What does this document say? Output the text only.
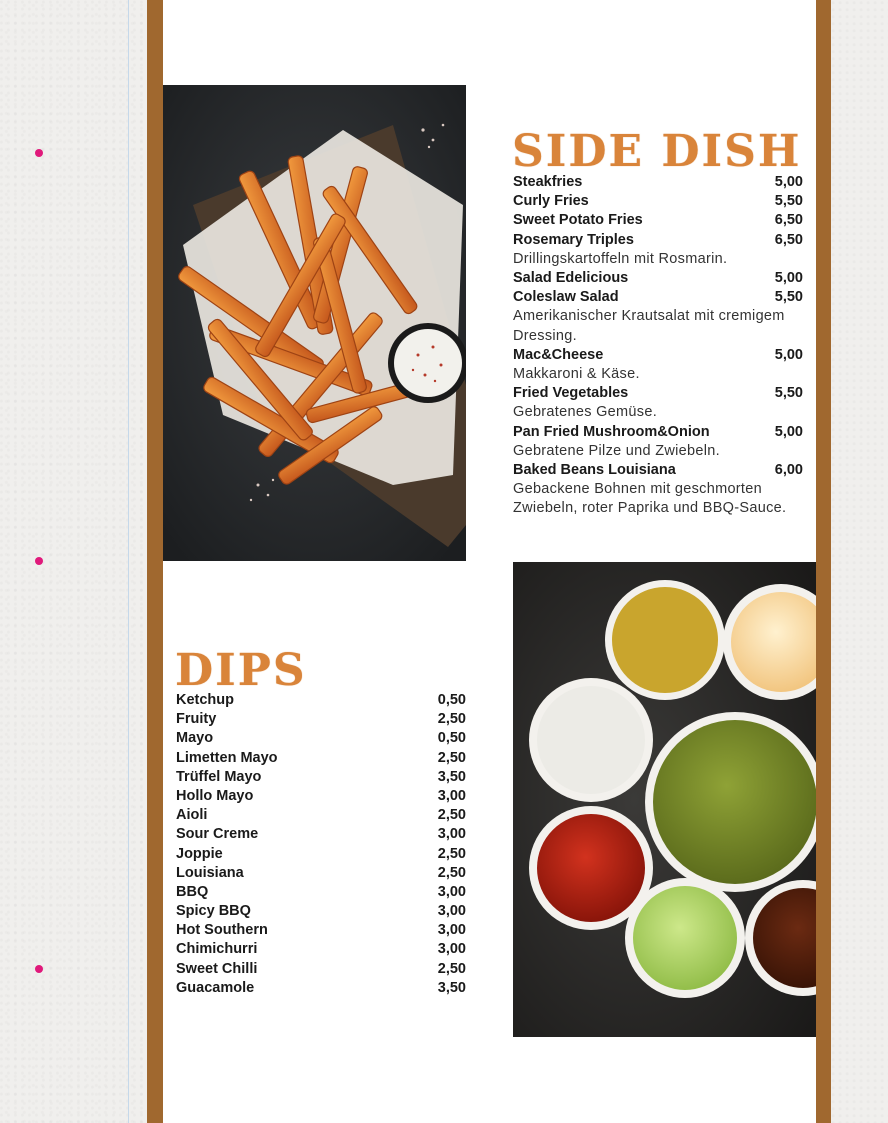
SIDE DISH
Steakfries	5,00
Curly Fries	5,50
Sweet Potato Fries	6,50
Rosemary Triples	6,50
Drillingskartoffeln mit Rosmarin.
Salad Edelicious	5,00
Coleslaw Salad	5,50
Amerikanischer Krautsalat mit cremigem Dressing.
Mac&Cheese	5,00
Makkaroni & Käse.
Fried Vegetables	5,50
Gebratenes Gemüse.
Pan Fried Mushroom&Onion	5,00
Gebratene Pilze und Zwiebeln.
Baked Beans Louisiana	6,00
Gebackene Bohnen mit geschmorten Zwiebeln, roter Paprika und BBQ-Sauce.
DIPS
Ketchup	0,50
Fruity	2,50
Mayo	0,50
Limetten Mayo	2,50
Trüffel Mayo	3,50
Hollo Mayo	3,00
Aioli	2,50
Sour Creme	3,00
Joppie	2,50
Louisiana	2,50
BBQ	3,00
Spicy BBQ	3,00
Hot Southern	3,00
Chimichurri	3,00
Sweet Chilli	2,50
Guacamole	3,50
